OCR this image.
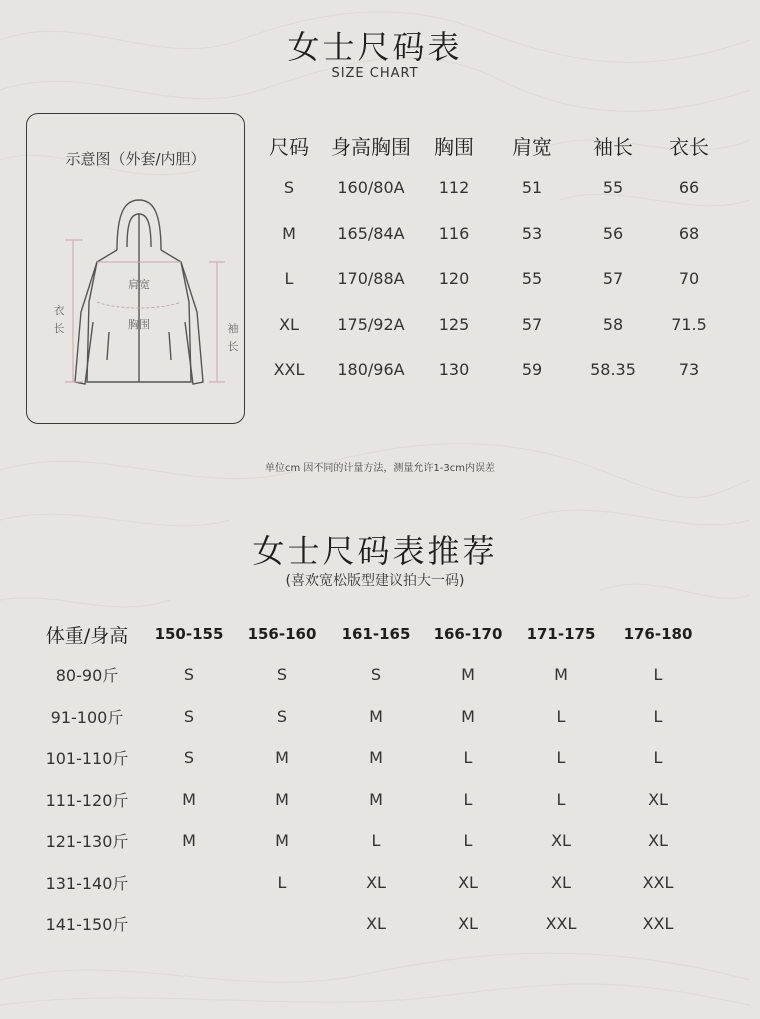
女士尺码表
SIZE CHART
示意图（外套/内胆）
肩宽
胸围
衣
长	袖
长
尺码	身高胸围	胸围	肩宽	袖长	衣长
S	160/80A	112	51	55	66
M	165/84A	116	53	56	68
L	170/88A	120	55	57	70
XL	175/92A	125	57	58	71.5
XXL	180/96A	130	59	58.35	73
单位cm 因不同的计量方法，测量允许1-3cm内误差
女士尺码表推荐
(喜欢宽松版型建议拍大一码)
体重/身高	150-155	156-160	161-165	166-170	171-175	176-180
80-90斤	S	S	S	M	M	L
91-100斤	S	S	M	M	L	L
101-110斤	S	M	M	L	L	L
111-120斤	M	M	M	L	L	XL
121-130斤	M	M	L	L	XL	XL
131-140斤		L	XL	XL	XL	XXL
141-150斤			XL	XL	XXL	XXL
